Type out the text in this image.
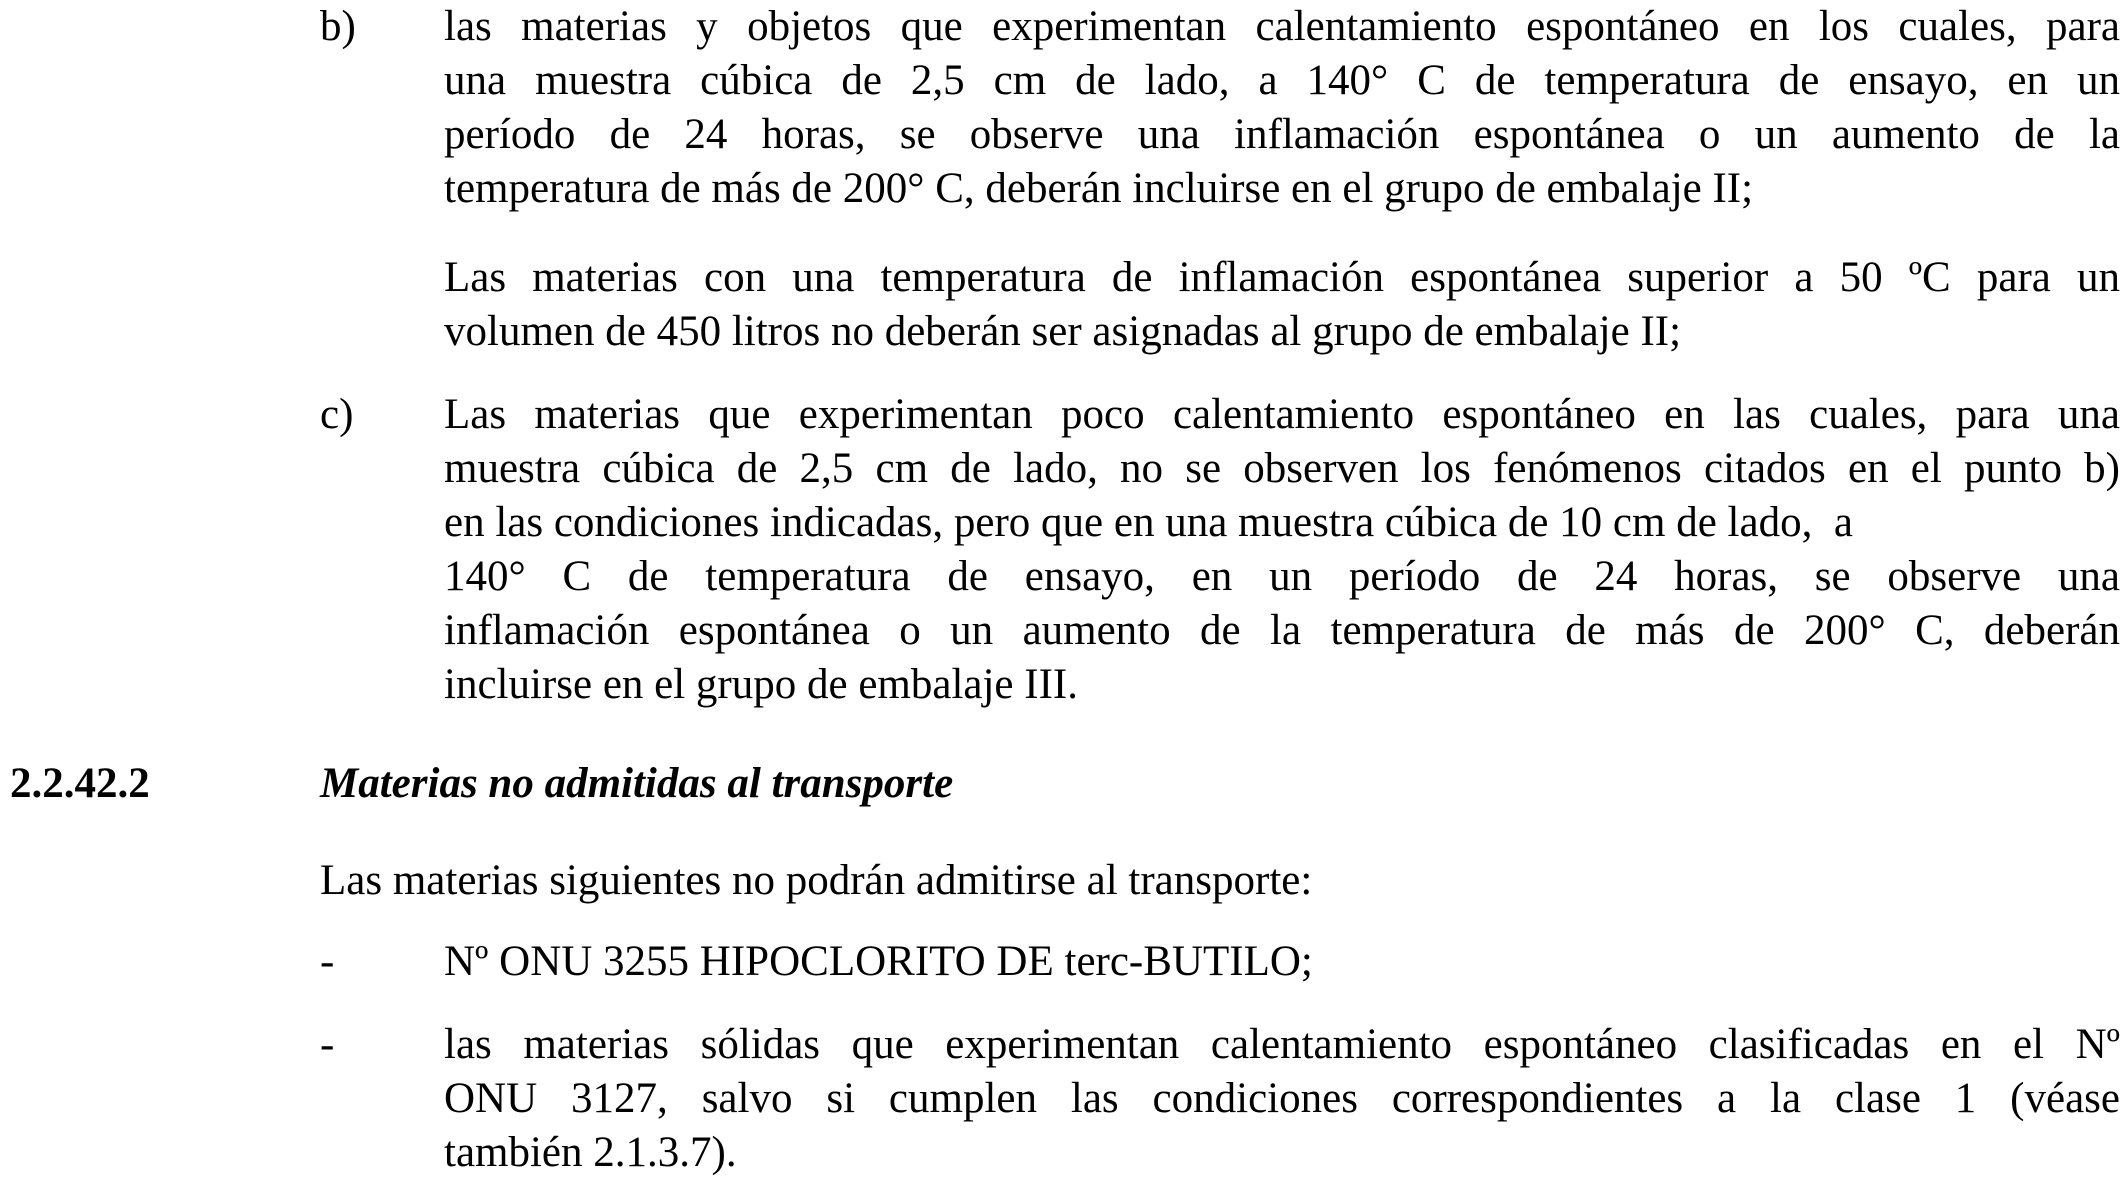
b) las materias y objetos que experimentan calentamiento espontáneo en los cuales, para
una muestra cúbica de 2,5 cm de lado, a 140° C de temperatura de ensayo, en un
período de 24 horas, se observe una inflamación espontánea o un aumento de la
temperatura de más de 200° C, deberán incluirse en el grupo de embalaje II;
Las materias con una temperatura de inflamación espontánea superior a 50 ºC para un
volumen de 450 litros no deberán ser asignadas al grupo de embalaje II;
c) Las materias que experimentan poco calentamiento espontáneo en las cuales, para una
muestra cúbica de 2,5 cm de lado, no se observen los fenómenos citados en el punto b)
en las condiciones indicadas, pero que en una muestra cúbica de 10 cm de lado,  a
140° C de temperatura de ensayo, en un período de 24 horas, se observe una
inflamación espontánea o un aumento de la temperatura de más de 200° C, deberán
incluirse en el grupo de embalaje III.
2.2.42.2	Materias no admitidas al transporte
Las materias siguientes no podrán admitirse al transporte:
-	Nº ONU 3255 HIPOCLORITO DE terc-BUTILO;
-	las materias sólidas que experimentan calentamiento espontáneo clasificadas en el Nº
ONU 3127, salvo si cumplen las condiciones correspondientes a la clase 1 (véase
también 2.1.3.7).
